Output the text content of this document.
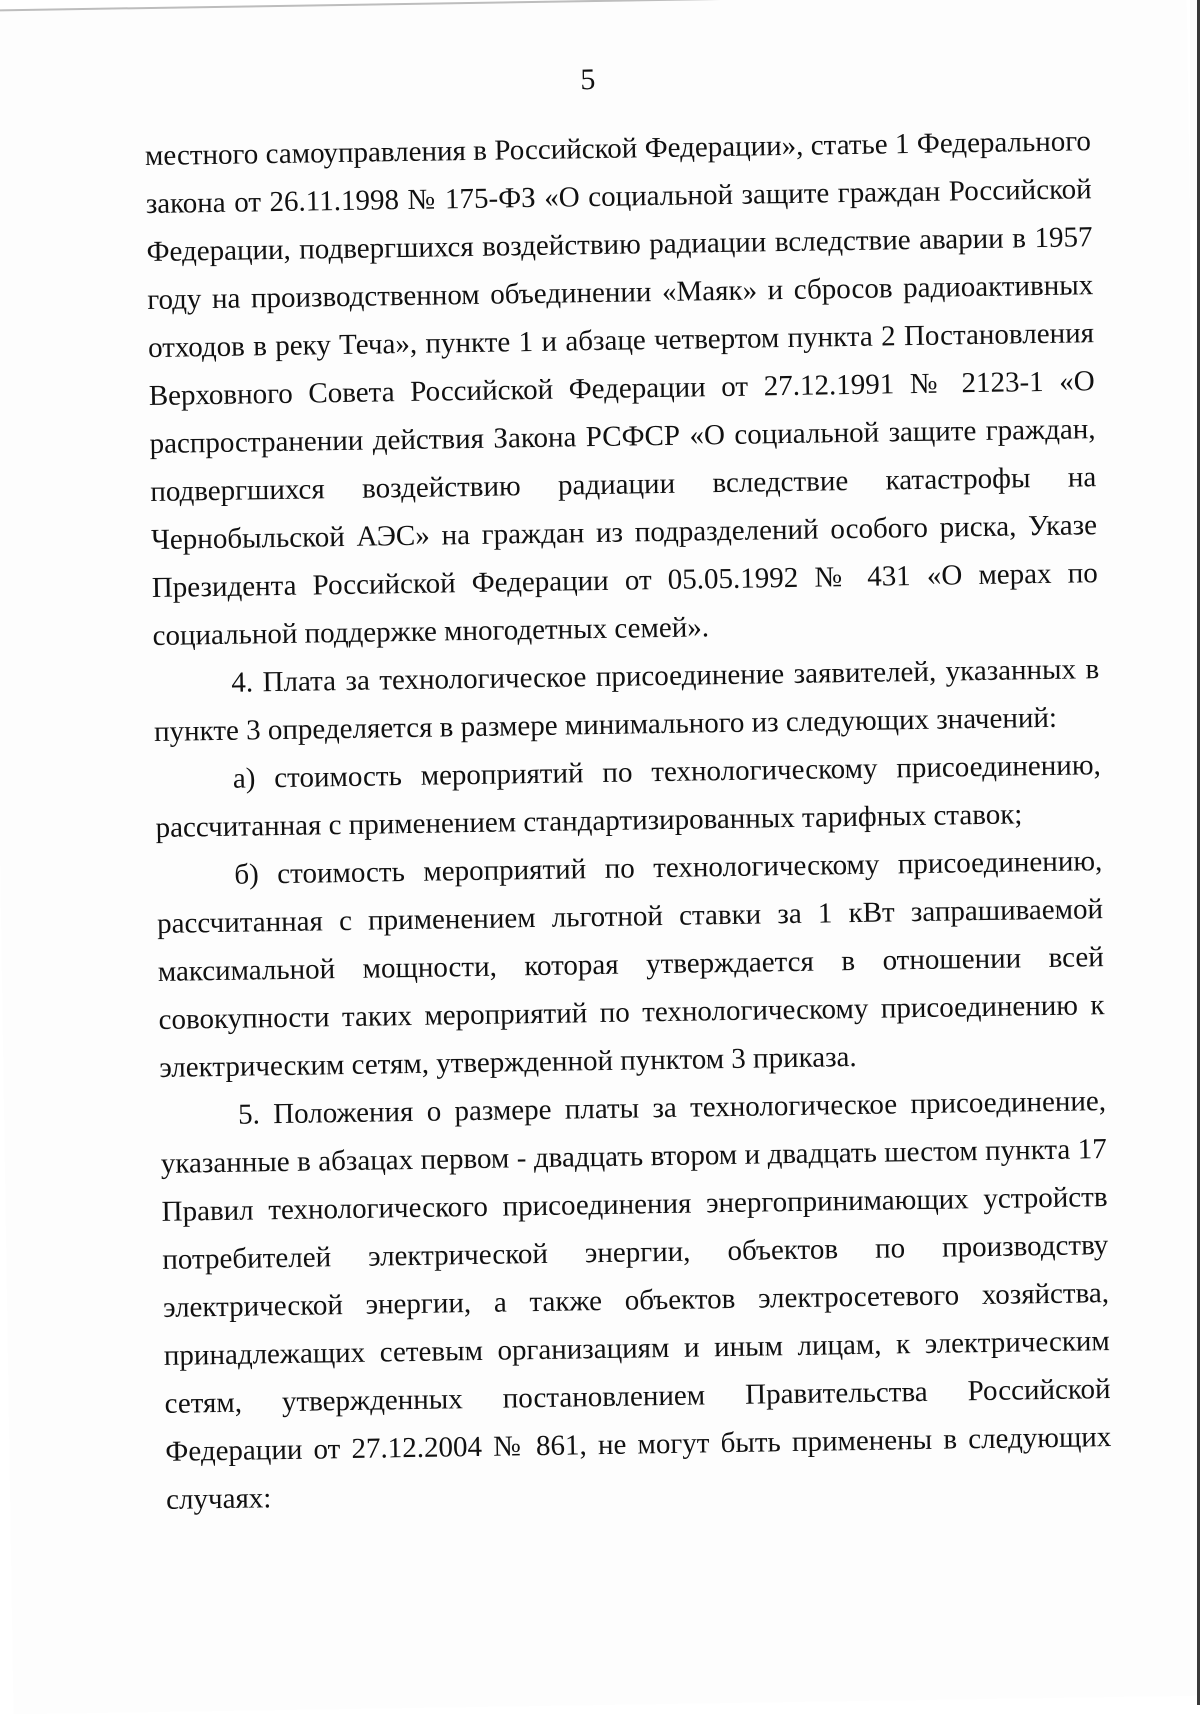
5

местного самоуправления в Российской Федерации», статье 1 Федерального закона от 26.11.1998 № 175-ФЗ «О социальной защите граждан Российской Федерации, подвергшихся воздействию радиации вследствие аварии в 1957 году на производственном объединении «Маяк» и сбросов радиоактивных отходов в реку Теча», пункте 1 и абзаце четвертом пункта 2 Постановления Верховного Совета Российской Федерации от 27.12.1991 № 2123-1 «О распространении действия Закона РСФСР «О социальной защите граждан, подвергшихся воздействию радиации вследствие катастрофы на Чернобыльской АЭС» на граждан из подразделений особого риска, Указе Президента Российской Федерации от 05.05.1992 № 431 «О мерах по социальной поддержке многодетных семей».

4. Плата за технологическое присоединение заявителей, указанных в пункте 3 определяется в размере минимального из следующих значений:

а) стоимость мероприятий по технологическому присоединению, рассчитанная с применением стандартизированных тарифных ставок;

б) стоимость мероприятий по технологическому присоединению, рассчитанная с применением льготной ставки за 1 кВт запрашиваемой максимальной мощности, которая утверждается в отношении всей совокупности таких мероприятий по технологическому присоединению к электрическим сетям, утвержденной пунктом 3 приказа.

5. Положения о размере платы за технологическое присоединение, указанные в абзацах первом - двадцать втором и двадцать шестом пункта 17 Правил технологического присоединения энергопринимающих устройств потребителей электрической энергии, объектов по производству электрической энергии, а также объектов электросетевого хозяйства, принадлежащих сетевым организациям и иным лицам, к электрическим сетям, утвержденных постановлением Правительства Российской Федерации от 27.12.2004 № 861, не могут быть применены в следующих случаях:
